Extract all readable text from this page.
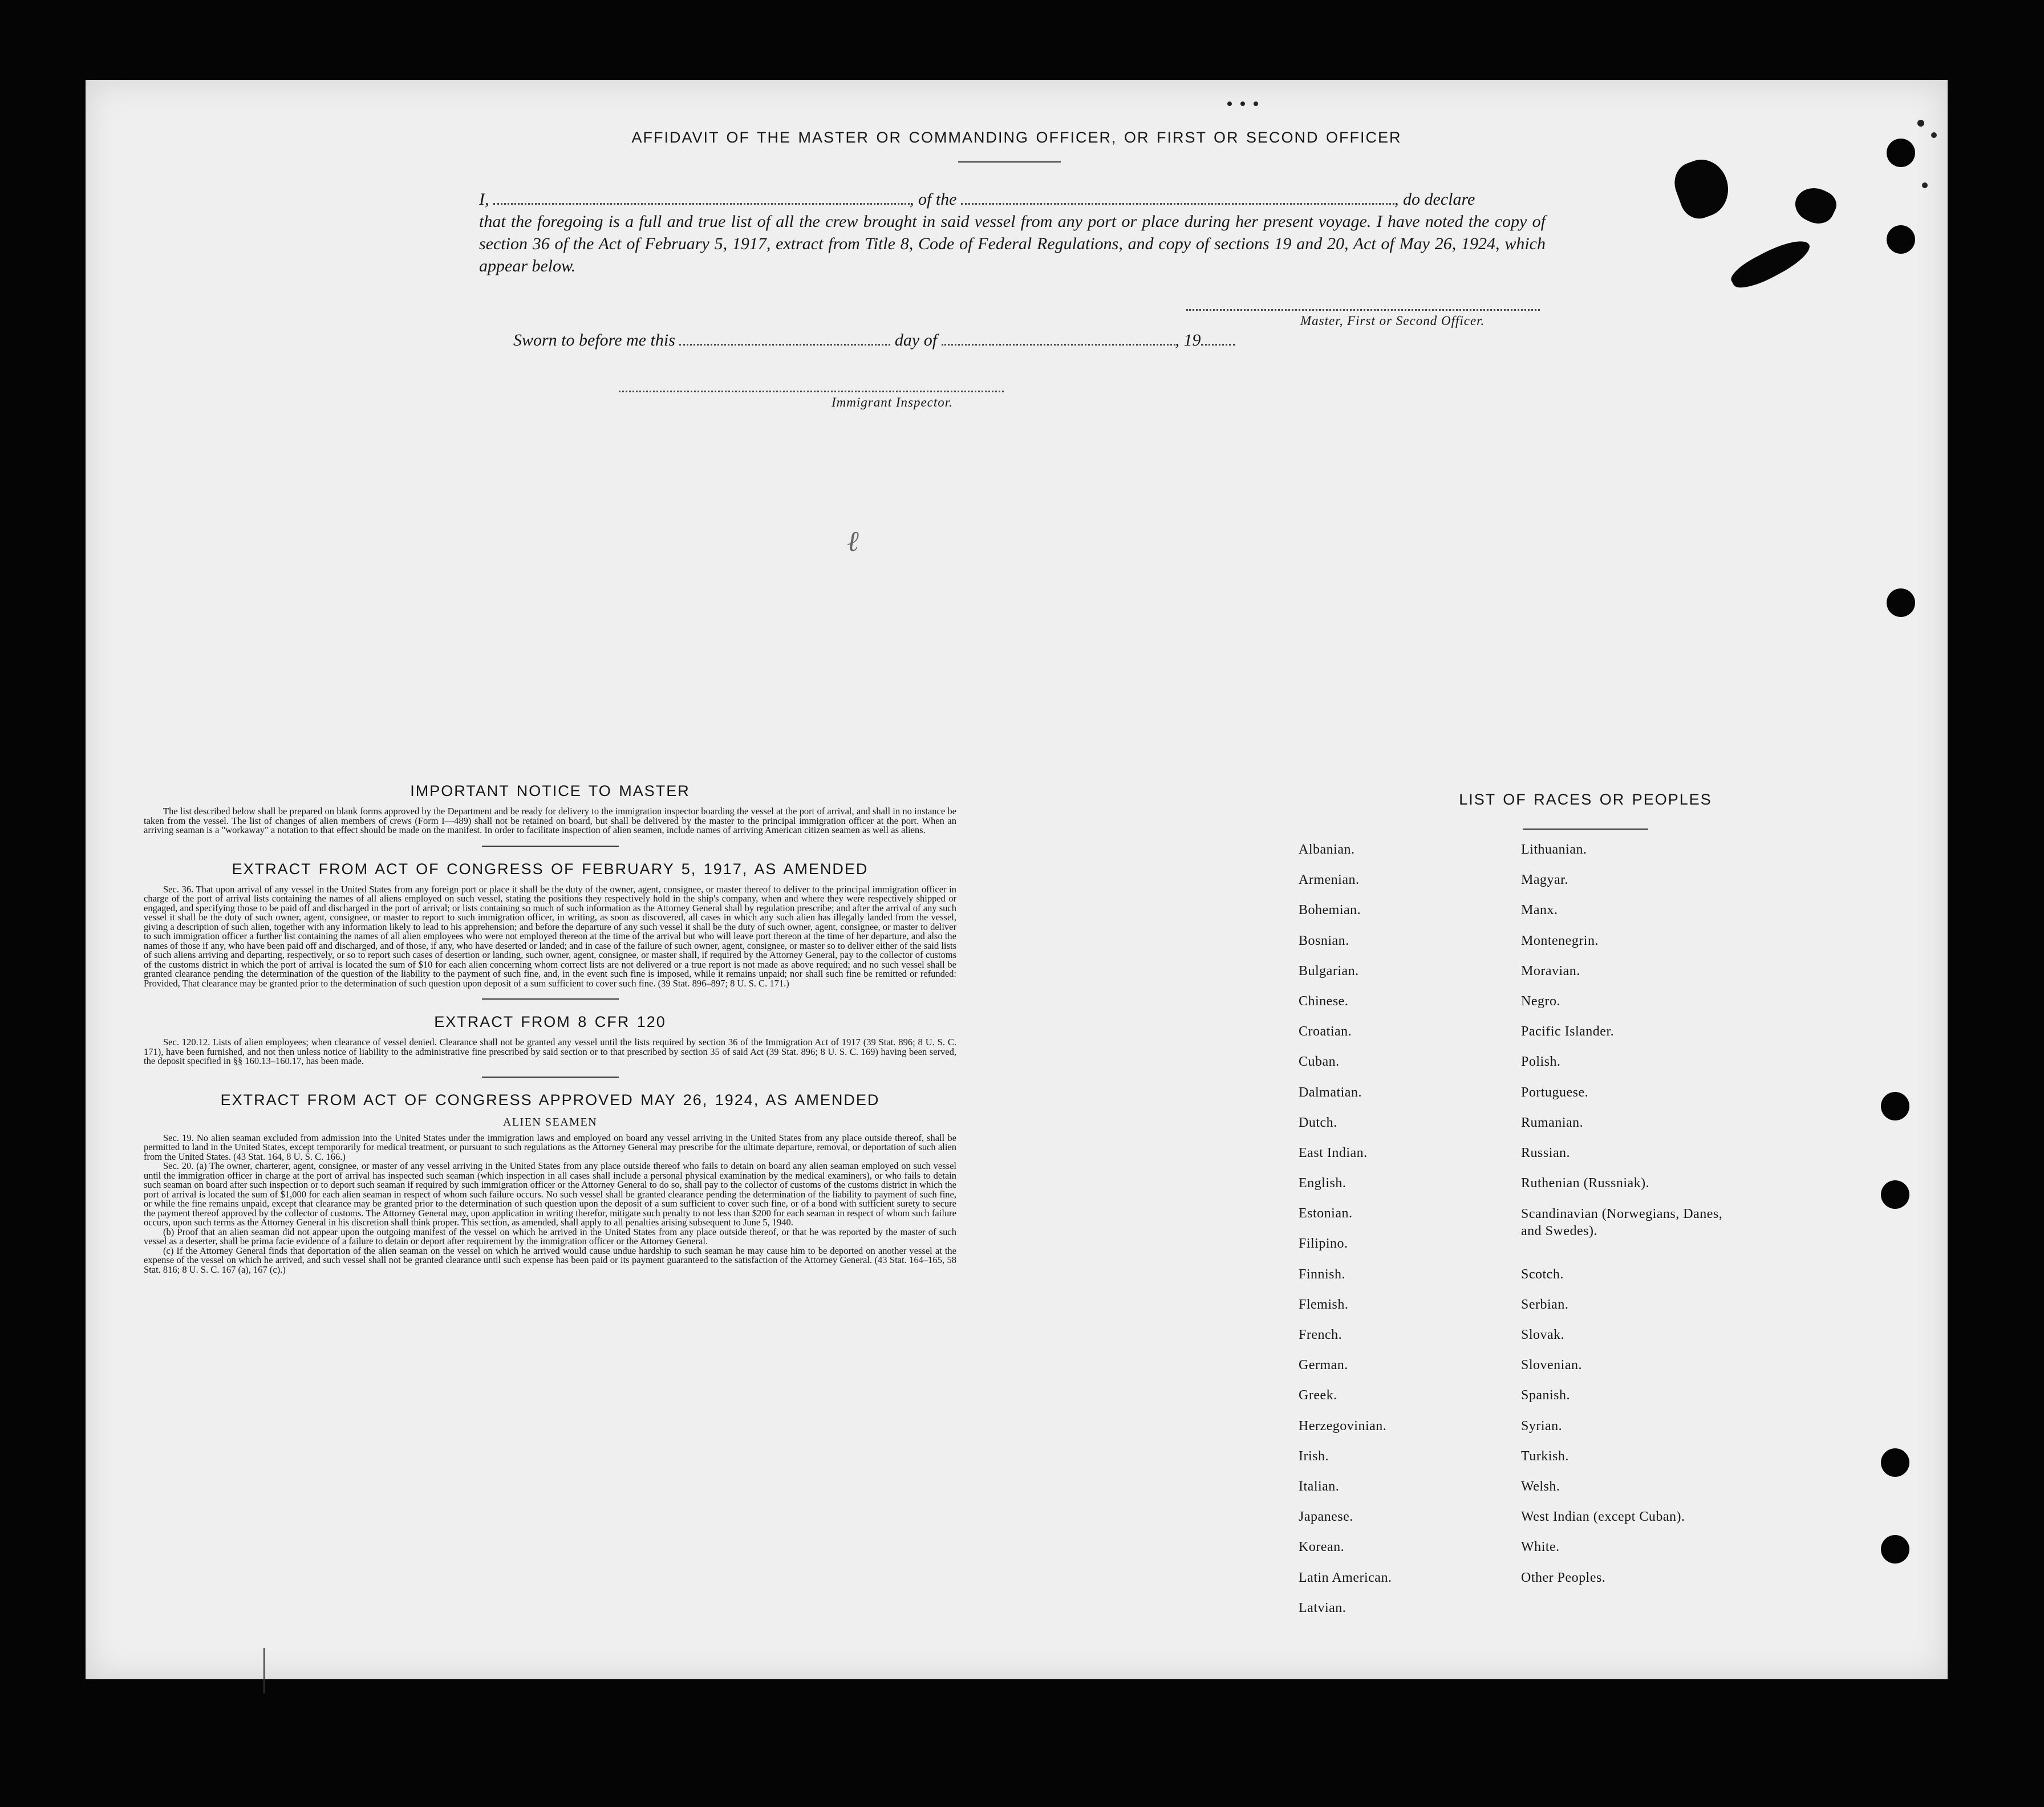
AFFIDAVIT OF THE MASTER OR COMMANDING OFFICER, OR FIRST OR SECOND OFFICER

I,	, of the	, do declare

that the foregoing is a full and true list of all the crew brought in said vessel from any port or place during her present voyage. I have noted the copy of section 36 of the Act of February 5, 1917, extract from Title 8, Code of Federal Regulations, and copy of sections 19 and 20, Act of May 26, 1924, which appear below.

Master, First or Second Officer.
Sworn to before me this	day of	, 19
Immigrant Inspector.
IMPORTANT NOTICE TO MASTER

The list described below shall be prepared on blank forms approved by the Department and be ready for delivery to the immigration inspector boarding the vessel at the port of arrival, and shall in no instance be taken from the vessel. The list of changes of alien members of crews (Form I—489) shall not be retained on board, but shall be delivered by the master to the principal immigration officer at the port. When an arriving seaman is a "workaway" a notation to that effect should be made on the manifest. In order to facilitate inspection of alien seamen, include names of arriving American citizen seamen as well as aliens.

EXTRACT FROM ACT OF CONGRESS OF FEBRUARY 5, 1917, AS AMENDED

Sec. 36. That upon arrival of any vessel in the United States from any foreign port or place it shall be the duty of the owner, agent, consignee, or master thereof to deliver to the principal immigration officer in charge of the port of arrival lists containing the names of all aliens employed on such vessel, stating the positions they respectively hold in the ship's company, when and where they were respectively shipped or engaged, and specifying those to be paid off and discharged in the port of arrival; or lists containing so much of such information as the Attorney General shall by regulation prescribe; and after the arrival of any such vessel it shall be the duty of such owner, agent, consignee, or master to report to such immigration officer, in writing, as soon as discovered, all cases in which any such alien has illegally landed from the vessel, giving a description of such alien, together with any information likely to lead to his apprehension; and before the departure of any such vessel it shall be the duty of such owner, agent, consignee, or master to deliver to such immigration officer a further list containing the names of all alien employees who were not employed thereon at the time of the arrival but who will leave port thereon at the time of her departure, and also the names of those if any, who have been paid off and discharged, and of those, if any, who have deserted or landed; and in case of the failure of such owner, agent, consignee, or master so to deliver either of the said lists of such aliens arriving and departing, respectively, or so to report such cases of desertion or landing, such owner, agent, consignee, or master shall, if required by the Attorney General, pay to the collector of customs of the customs district in which the port of arrival is located the sum of $10 for each alien concerning whom correct lists are not delivered or a true report is not made as above required; and no such vessel shall be granted clearance pending the determination of the question of the liability to the payment of such fine, and, in the event such fine is imposed, while it remains unpaid; nor shall such fine be remitted or refunded: Provided, That clearance may be granted prior to the determination of such question upon deposit of a sum sufficient to cover such fine. (39 Stat. 896–897; 8 U. S. C. 171.)

EXTRACT FROM 8 CFR 120

Sec. 120.12. Lists of alien employees; when clearance of vessel denied. Clearance shall not be granted any vessel until the lists required by section 36 of the Immigration Act of 1917 (39 Stat. 896; 8 U. S. C. 171), have been furnished, and not then unless notice of liability to the administrative fine prescribed by said section or to that prescribed by section 35 of said Act (39 Stat. 896; 8 U. S. C. 169) having been served, the deposit specified in §§ 160.13–160.17, has been made.

EXTRACT FROM ACT OF CONGRESS APPROVED MAY 26, 1924, AS AMENDED
ALIEN SEAMEN

Sec. 19. No alien seaman excluded from admission into the United States under the immigration laws and employed on board any vessel arriving in the United States from any place outside thereof, shall be permitted to land in the United States, except temporarily for medical treatment, or pursuant to such regulations as the Attorney General may prescribe for the ultimate departure, removal, or deportation of such alien from the United States. (43 Stat. 164, 8 U. S. C. 166.)

Sec. 20. (a) The owner, charterer, agent, consignee, or master of any vessel arriving in the United States from any place outside thereof who fails to detain on board any alien seaman employed on such vessel until the immigration officer in charge at the port of arrival has inspected such seaman (which inspection in all cases shall include a personal physical examination by the medical examiners), or who fails to detain such seaman on board after such inspection or to deport such seaman if required by such immigration officer or the Attorney General to do so, shall pay to the collector of customs of the customs district in which the port of arrival is located the sum of $1,000 for each alien seaman in respect of whom such failure occurs. No such vessel shall be granted clearance pending the determination of the liability to payment of such fine, or while the fine remains unpaid, except that clearance may be granted prior to the determination of such question upon the deposit of a sum sufficient to cover such fine, or of a bond with sufficient surety to secure the payment thereof approved by the collector of customs. The Attorney General may, upon application in writing therefor, mitigate such penalty to not less than $200 for each seaman in respect of whom such failure occurs, upon such terms as the Attorney General in his discretion shall think proper. This section, as amended, shall apply to all penalties arising subsequent to June 5, 1940.

(b) Proof that an alien seaman did not appear upon the outgoing manifest of the vessel on which he arrived in the United States from any place outside thereof, or that he was reported by the master of such vessel as a deserter, shall be prima facie evidence of a failure to detain or deport after requirement by the immigration officer or the Attorney General.

(c) If the Attorney General finds that deportation of the alien seaman on the vessel on which he arrived would cause undue hardship to such seaman he may cause him to be deported on another vessel at the expense of the vessel on which he arrived, and such vessel shall not be granted clearance until such expense has been paid or its payment guaranteed to the satisfaction of the Attorney General. (43 Stat. 164–165, 58 Stat. 816; 8 U. S. C. 167 (a), 167 (c).)

LIST OF RACES OR PEOPLES
Albanian.
Armenian.
Bohemian.
Bosnian.
Bulgarian.
Chinese.
Croatian.
Cuban.
Dalmatian.
Dutch.
East Indian.
English.
Estonian.
Filipino.
Finnish.
Flemish.
French.
German.
Greek.
Herzegovinian.
Irish.
Italian.
Japanese.
Korean.
Latin American.
Latvian.
Lithuanian.
Magyar.
Manx.
Montenegrin.
Moravian.
Negro.
Pacific Islander.
Polish.
Portuguese.
Rumanian.
Russian.
Ruthenian (Russniak).
Scandinavian (Norwegians, Danes, and Swedes).
Scotch.
Serbian.
Slovak.
Slovenian.
Spanish.
Syrian.
Turkish.
Welsh.
West Indian (except Cuban).
White.
Other Peoples.
ℓ
